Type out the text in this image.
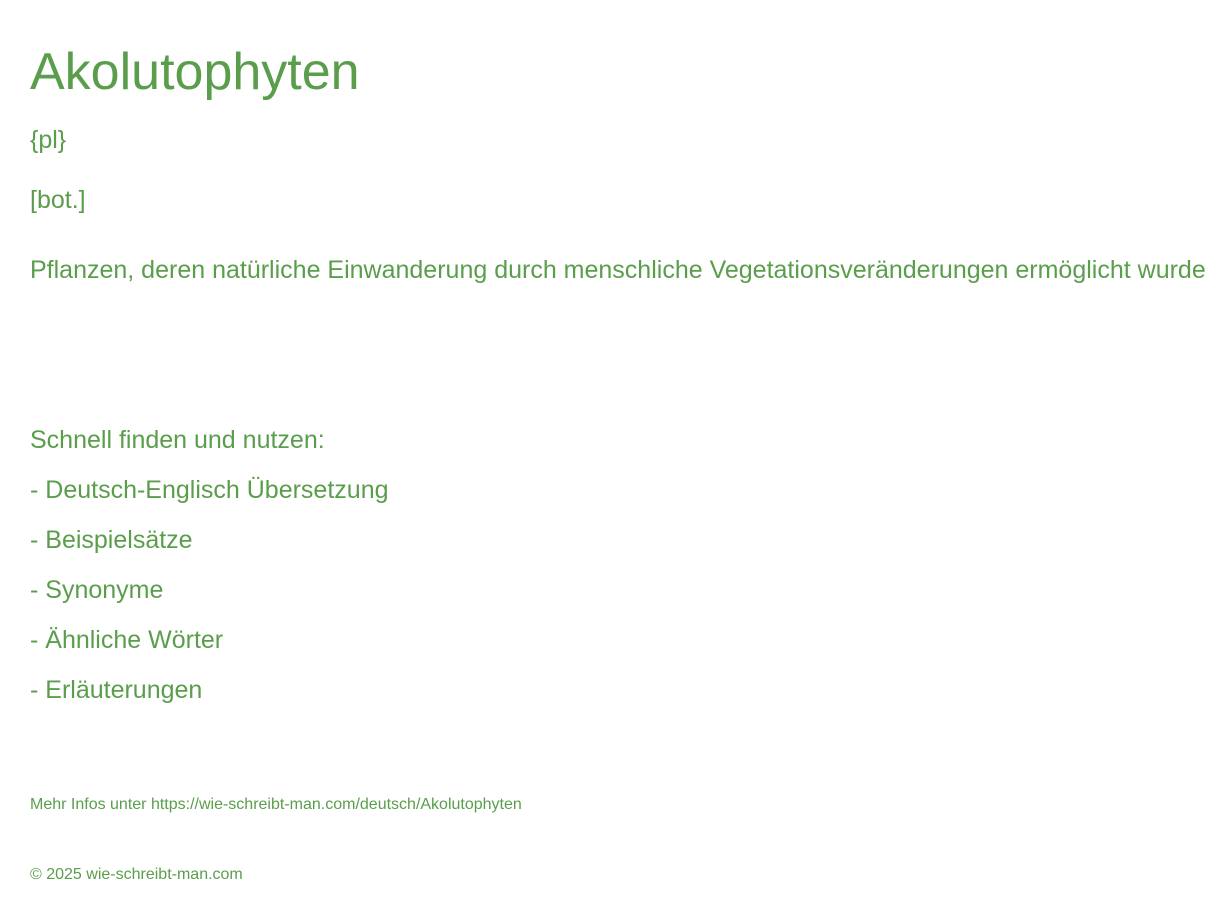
Akolutophyten

{pl}

[bot.]

Pflanzen, deren natürliche Einwanderung durch menschliche Vegetationsveränderungen ermöglicht wurde

Schnell finden und nutzen:

- Deutsch-Englisch Übersetzung

- Beispielsätze

- Synonyme

- Ähnliche Wörter

- Erläuterungen

Mehr Infos unter https://wie-schreibt-man.com/deutsch/Akolutophyten

© 2025 wie-schreibt-man.com
